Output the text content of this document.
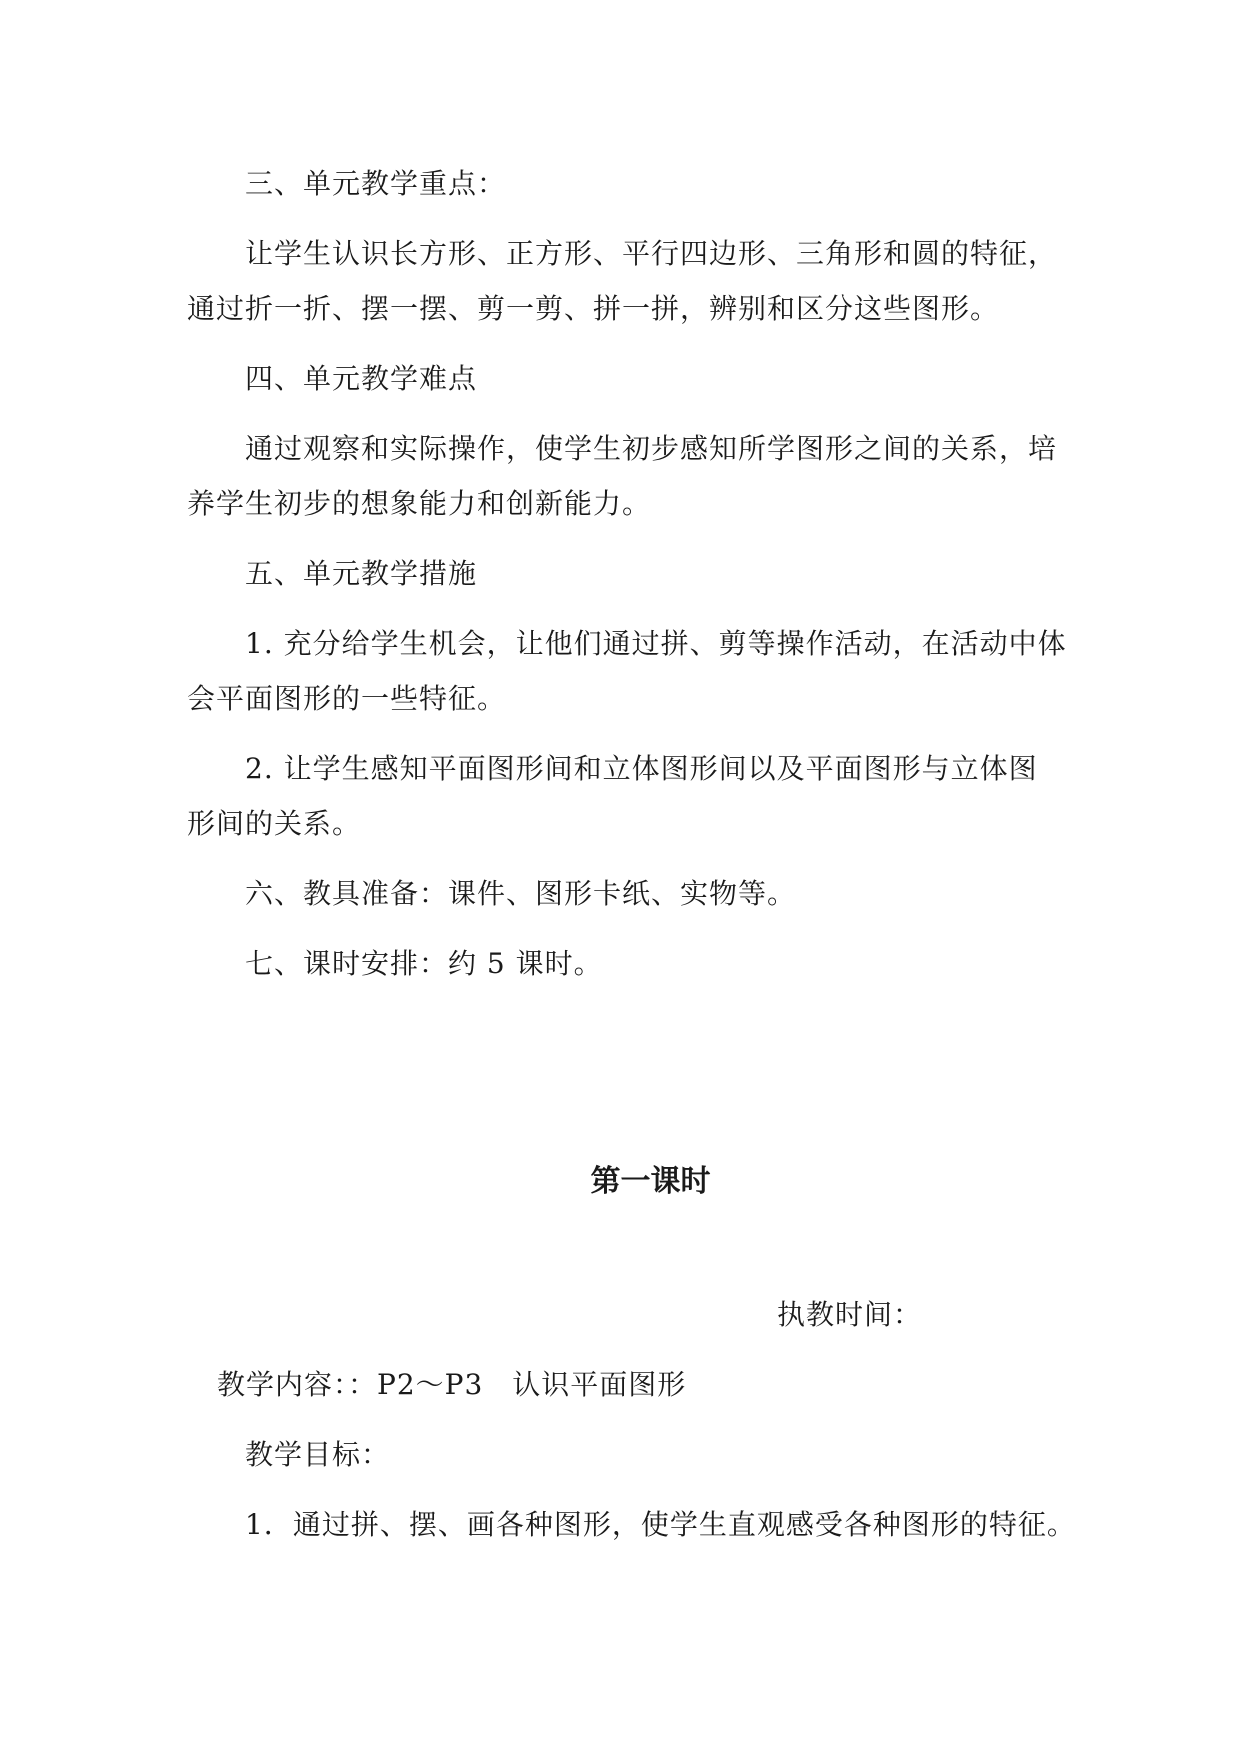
三、单元教学重点：
让学生认识长方形、正方形、平行四边形、三角形和圆的特征，
通过折一折、摆一摆、剪一剪、拼一拼，辨别和区分这些图形。
四、单元教学难点
通过观察和实际操作，使学生初步感知所学图形之间的关系，培
养学生初步的想象能力和创新能力。
五、单元教学措施
1. 充分给学生机会，让他们通过拼、剪等操作活动，在活动中体
会平面图形的一些特征。
2. 让学生感知平面图形间和立体图形间以及平面图形与立体图
形间的关系。
六、教具准备：课件、图形卡纸、实物等。
七、课时安排：约 5 课时。
第一课时
执教时间：
教学内容：：P2～P3　认识平面图形
教学目标：
1．通过拼、摆、画各种图形，使学生直观感受各种图形的特征。
